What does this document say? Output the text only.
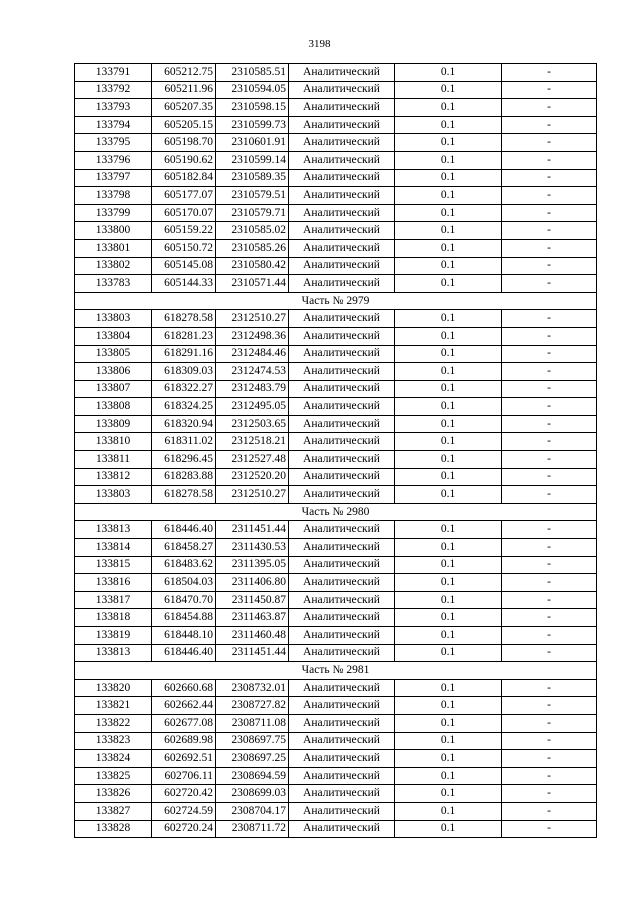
3198
133791	605212.75	2310585.51	Аналитический	0.1	-
133792	605211.96	2310594.05	Аналитический	0.1	-
133793	605207.35	2310598.15	Аналитический	0.1	-
133794	605205.15	2310599.73	Аналитический	0.1	-
133795	605198.70	2310601.91	Аналитический	0.1	-
133796	605190.62	2310599.14	Аналитический	0.1	-
133797	605182.84	2310589.35	Аналитический	0.1	-
133798	605177.07	2310579.51	Аналитический	0.1	-
133799	605170.07	2310579.71	Аналитический	0.1	-
133800	605159.22	2310585.02	Аналитический	0.1	-
133801	605150.72	2310585.26	Аналитический	0.1	-
133802	605145.08	2310580.42	Аналитический	0.1	-
133783	605144.33	2310571.44	Аналитический	0.1	-
Часть № 2979					
133803	618278.58	2312510.27	Аналитический	0.1	-
133804	618281.23	2312498.36	Аналитический	0.1	-
133805	618291.16	2312484.46	Аналитический	0.1	-
133806	618309.03	2312474.53	Аналитический	0.1	-
133807	618322.27	2312483.79	Аналитический	0.1	-
133808	618324.25	2312495.05	Аналитический	0.1	-
133809	618320.94	2312503.65	Аналитический	0.1	-
133810	618311.02	2312518.21	Аналитический	0.1	-
133811	618296.45	2312527.48	Аналитический	0.1	-
133812	618283.88	2312520.20	Аналитический	0.1	-
133803	618278.58	2312510.27	Аналитический	0.1	-
Часть № 2980					
133813	618446.40	2311451.44	Аналитический	0.1	-
133814	618458.27	2311430.53	Аналитический	0.1	-
133815	618483.62	2311395.05	Аналитический	0.1	-
133816	618504.03	2311406.80	Аналитический	0.1	-
133817	618470.70	2311450.87	Аналитический	0.1	-
133818	618454.88	2311463.87	Аналитический	0.1	-
133819	618448.10	2311460.48	Аналитический	0.1	-
133813	618446.40	2311451.44	Аналитический	0.1	-
Часть № 2981					
133820	602660.68	2308732.01	Аналитический	0.1	-
133821	602662.44	2308727.82	Аналитический	0.1	-
133822	602677.08	2308711.08	Аналитический	0.1	-
133823	602689.98	2308697.75	Аналитический	0.1	-
133824	602692.51	2308697.25	Аналитический	0.1	-
133825	602706.11	2308694.59	Аналитический	0.1	-
133826	602720.42	2308699.03	Аналитический	0.1	-
133827	602724.59	2308704.17	Аналитический	0.1	-
133828	602720.24	2308711.72	Аналитический	0.1	-
